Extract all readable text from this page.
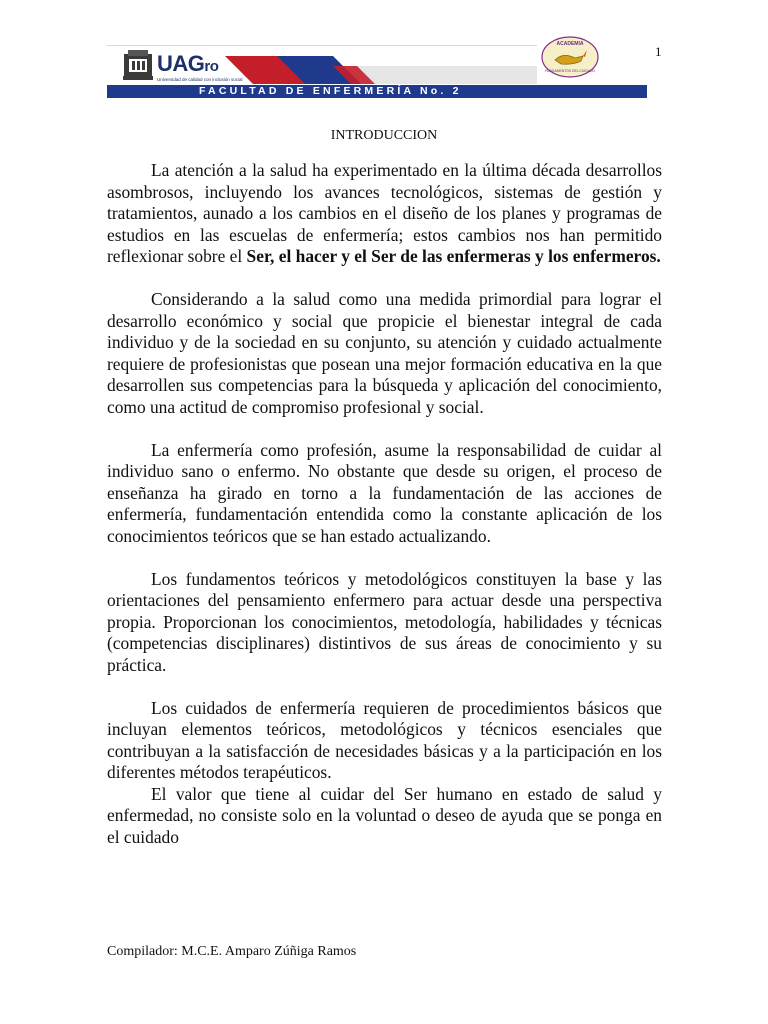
UAGro
Universidad de calidad con inclusión social
ACADEMIA
FUNDAMENTOS DEL CUIDADO
FACULTAD DE ENFERMERÍA No. 2
1
INTRODUCCION

La atención a la salud ha experimentado en la última década desarrollos asombrosos, incluyendo los avances tecnológicos, sistemas de gestión y tratamientos, aunado a los cambios en el diseño de los planes y programas de estudios en las escuelas de enfermería; estos cambios nos han permitido reflexionar sobre el Ser, el hacer y el Ser de las enfermeras y los enfermeros.

Considerando a la salud como una medida primordial para lograr el desarrollo económico y social que propicie el bienestar integral de cada individuo y de la sociedad en su conjunto, su atención y cuidado actualmente requiere de profesionistas que posean una mejor formación educativa en la que desarrollen sus competencias para la búsqueda y aplicación del conocimiento, como una actitud de compromiso profesional y social.

La enfermería como profesión, asume la responsabilidad de cuidar al individuo sano o enfermo. No obstante que desde su origen, el proceso de enseñanza ha girado en torno a la fundamentación de las acciones de enfermería, fundamentación entendida como la constante aplicación de los conocimientos teóricos que se han estado actualizando.

Los fundamentos teóricos y metodológicos constituyen la base y las orientaciones del pensamiento enfermero para actuar desde una perspectiva propia. Proporcionan los conocimientos, metodología, habilidades y técnicas (competencias disciplinares) distintivos de sus áreas de conocimiento y su práctica.

Los cuidados de enfermería requieren de procedimientos básicos que incluyan elementos teóricos, metodológicos y técnicos esenciales que contribuyan a la satisfacción de necesidades básicas y a la participación en los diferentes métodos terapéuticos.

El valor que tiene al cuidar del Ser humano en estado de salud y enfermedad, no consiste solo en la voluntad o deseo de ayuda que se ponga en el cuidado

Compilador: M.C.E. Amparo Zúñiga Ramos
